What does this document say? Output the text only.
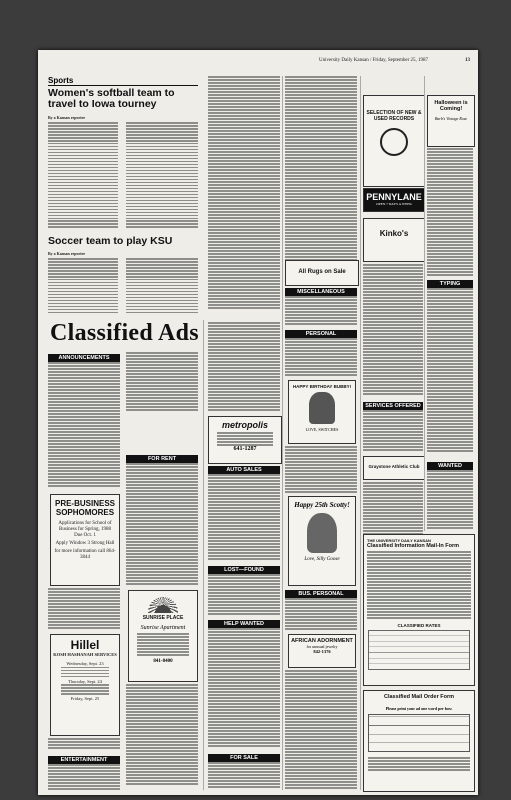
University Daily Kansan / Friday, September 25, 1987	13
Sports
Women's softball team to travel to Iowa tourney
By a Kansan reporter
Soccer team to play KSU
By a Kansan reporter
SELECTION OF NEW & USED RECORDS
PENNYLANE
OPEN 7 DAYS A WEEK
Halloween is Coming!
Barb's Vintage Rose
Kinko's
TYPING
All Rugs on Sale
MISCELLANEOUS
PERSONAL
HAPPY BIRTHDAY BUBBY!
LOVE, SWITCHES
Happy 25th Scotty!
Love, Silly Goose
BUS. PERSONAL
AFRICAN ADORNMENT
for unusual jewelry
842-1376
SERVICES OFFERED
Graystone Athletic Club	WANTED
THE UNIVERSITY DAILY KANSAN
Classified Information Mail-In Form
CLASSIFIED RATES
Classified Mail Order Form
Please print your ad one word per box:
Classified Ads
ANNOUNCEMENTS
PRE-BUSINESS SOPHOMORES
Applications for School of Business for Spring, 1988
Due Oct. 1
Apply Window 3 Strong Hall
for more information call 864-3844
Hillel
KOSH HASHANAH SERVICES
Wednesday, Sept. 23
Thursday, Sept. 24
Friday, Sept. 25
ENTERTAINMENT
FOR RENT
SUNRISE PLACE
Sunrise Apartment
841-8400
metropolis
641-1287
AUTO SALES
LOST—FOUND
HELP WANTED
FOR SALE
